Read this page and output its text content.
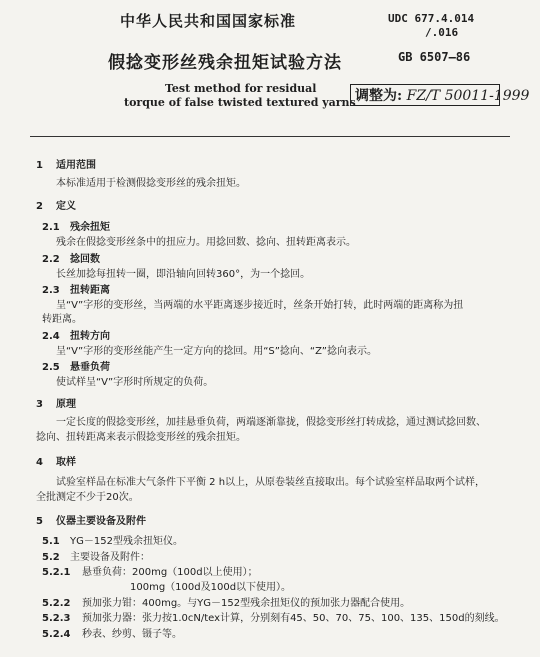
中华人民共和国国家标准	UDC 677.4.014
/.016
假捻变形丝残余扭矩试验方法	GB 6507—86
Test method for residual
torque of false twisted textured yarns 调整为: FZ/T 50011-1999
1 适用范围
本标准适用于检测假捻变形丝的残余扭矩。
2 定义
2.1 残余扭矩
残余在假捻变形丝条中的扭应力。用捻回数、捻向、扭转距离表示。
2.2 捻回数
长丝加捻每扭转一圈，即沿轴向回转360°，为一个捻回。
2.3 扭转距离
呈“V”字形的变形丝，当两端的水平距离逐步接近时，丝条开始打转，此时两端的距离称为扭
转距离。
2.4 扭转方向
呈“V”字形的变形丝能产生一定方向的捻回。用“S”捻向、“Z”捻向表示。
2.5 悬垂负荷
使试样呈“V”字形时所规定的负荷。
3 原理
一定长度的假捻变形丝，加挂悬垂负荷，两端逐渐靠拢，假捻变形丝打转成捻，通过测试捻回数、
捻向、扭转距离来表示假捻变形丝的残余扭矩。
4 取样
试验室样品在标准大气条件下平衡 2 h以上，从原卷装丝直接取出。每个试验室样品取两个试样，
全批测定不少于20次。
5 仪器主要设备及附件
5.1 YG－152型残余扭矩仪。
5.2 主要设备及附件：
5.2.1 悬垂负荷：200mg（100d以上使用）；
100mg（100d及100d以下使用）。
5.2.2 预加张力钳：400mg。与YG－152型残余扭矩仪的预加张力器配合使用。
5.2.3 预加张力器：张力按1.0cN/tex计算，分别刻有45、50、70、75、100、135、150d的刻线。
5.2.4 秒表、纱剪、镊子等。
